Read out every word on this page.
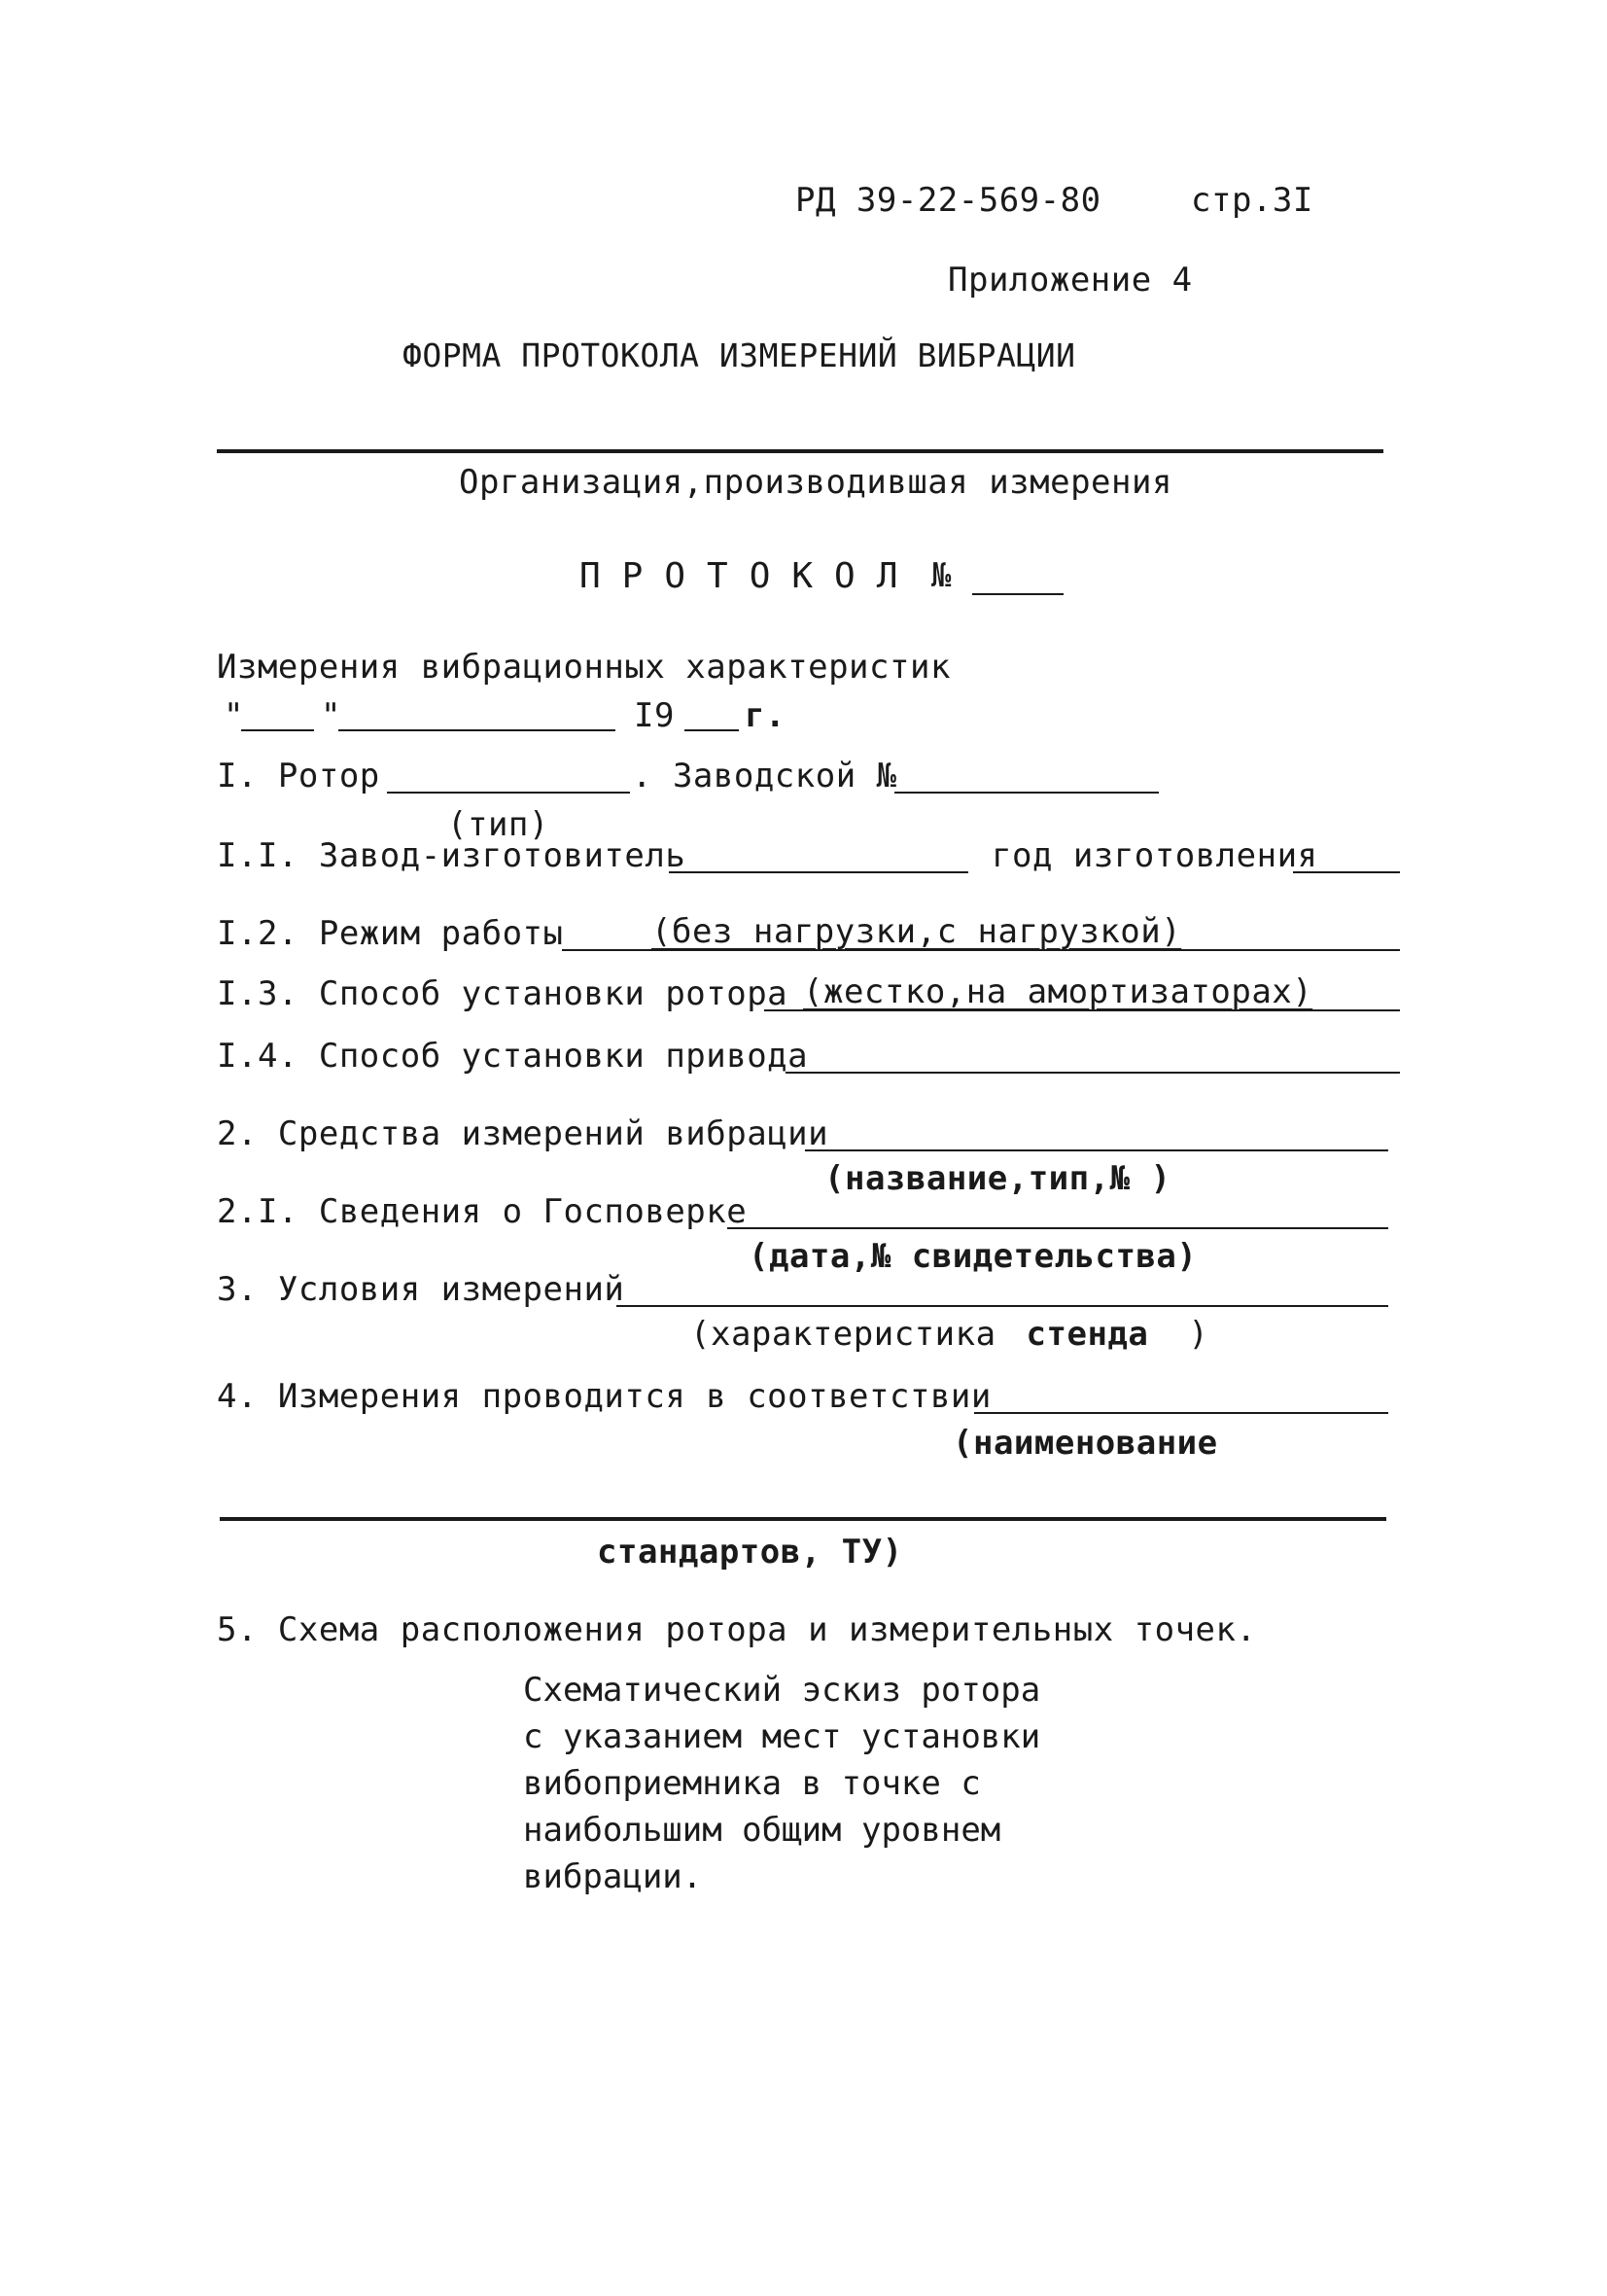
РД 39-22-569-80	стр.3I
Приложение 4
ФОРМА ПРОТОКОЛА ИЗМЕРЕНИЙ ВИБРАЦИИ
Организация,производившая измерения
ПРОТОКОЛ №
Измерения вибрационных характеристик
" "	I9 г.
I. Ротор	. Заводской №
(тип)
I.I. Завод-изготовитель	год изготовления
I.2. Режим работы	(без нагрузки,с нагрузкой)
I.3. Способ установки ротора (жестко,на амортизаторах)
I.4. Способ установки привода
2. Средства измерений вибрации
(название,тип,№ )
2.I. Сведения о Госповерке
(дата,№ свидетельства)
3. Условия измерений
(характеристика стенда )
4. Измерения проводится в соответствии
(наименование
стандартов, ТУ)
5. Схема расположения ротора и измерительных точек.
Схематический эскиз ротора
с указанием мест установки
вибоприемника в точке с
наибольшим общим уровнем
вибрации.
